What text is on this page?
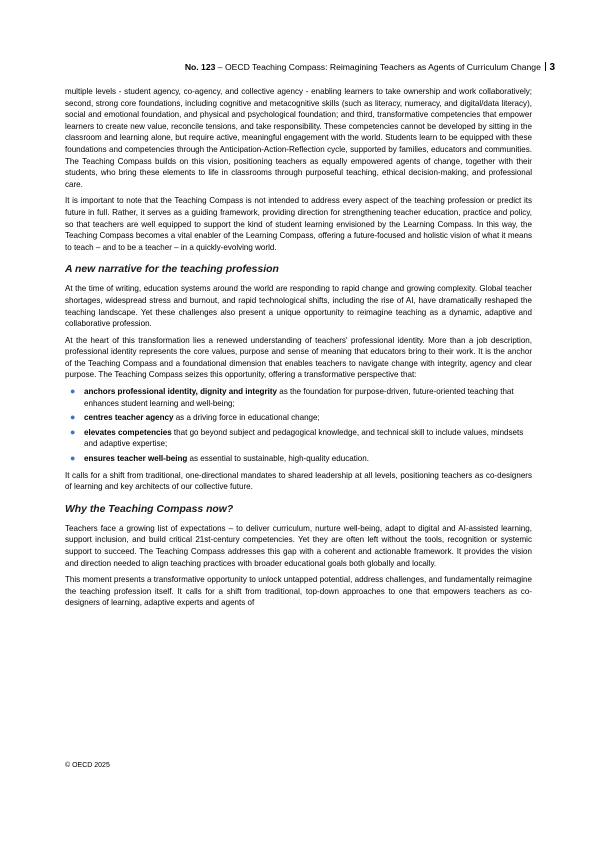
No. 123 – OECD Teaching Compass: Reimagining Teachers as Agents of Curriculum Change 3

multiple levels - student agency, co-agency, and collective agency - enabling learners to take ownership and work collaboratively; second, strong core foundations, including cognitive and metacognitive skills (such as literacy, numeracy, and digital/data literacy), social and emotional foundation, and physical and psychological foundation; and third, transformative competencies that empower learners to create new value, reconcile tensions, and take responsibility. These competencies cannot be developed by sitting in the classroom and learning alone, but require active, meaningful engagement with the world. Students learn to be equipped with these foundations and competencies through the Anticipation-Action-Reflection cycle, supported by families, educators and communities. The Teaching Compass builds on this vision, positioning teachers as equally empowered agents of change, together with their students, who bring these elements to life in classrooms through purposeful teaching, ethical decision-making, and professional care.

It is important to note that the Teaching Compass is not intended to address every aspect of the teaching profession or predict its future in full. Rather, it serves as a guiding framework, providing direction for strengthening teacher education, practice and policy, so that teachers are well equipped to support the kind of student learning envisioned by the Learning Compass. In this way, the Teaching Compass becomes a vital enabler of the Learning Compass, offering a future-focused and holistic vision of what it means to teach – and to be a teacher – in a quickly-evolving world.

A new narrative for the teaching profession

At the time of writing, education systems around the world are responding to rapid change and growing complexity. Global teacher shortages, widespread stress and burnout, and rapid technological shifts, including the rise of AI, have dramatically reshaped the teaching landscape. Yet these challenges also present a unique opportunity to reimagine teaching as a dynamic, adaptive and collaborative profession.

At the heart of this transformation lies a renewed understanding of teachers' professional identity. More than a job description, professional identity represents the core values, purpose and sense of meaning that educators bring to their work. It is the anchor of the Teaching Compass and a foundational dimension that enables teachers to navigate change with integrity, agency and clear purpose. The Teaching Compass seizes this opportunity, offering a transformative perspective that:

● anchors professional identity, dignity and integrity as the foundation for purpose-driven, future-oriented teaching that enhances student learning and well-being;
● centres teacher agency as a driving force in educational change;
● elevates competencies that go beyond subject and pedagogical knowledge, and technical skill to include values, mindsets and adaptive expertise;
● ensures teacher well-being as essential to sustainable, high-quality education.

It calls for a shift from traditional, one-directional mandates to shared leadership at all levels, positioning teachers as co-designers of learning and key architects of our collective future.

Why the Teaching Compass now?

Teachers face a growing list of expectations – to deliver curriculum, nurture well-being, adapt to digital and AI-assisted learning, support inclusion, and build critical 21st-century competencies. Yet they are often left without the tools, recognition or systemic support to succeed. The Teaching Compass addresses this gap with a coherent and actionable framework. It provides the vision and direction needed to align teaching practices with broader educational goals both globally and locally.

This moment presents a transformative opportunity to unlock untapped potential, address challenges, and fundamentally reimagine the teaching profession itself. It calls for a shift from traditional, top-down approaches to one that empowers teachers as co-designers of learning, adaptive experts and agents of

© OECD 2025
